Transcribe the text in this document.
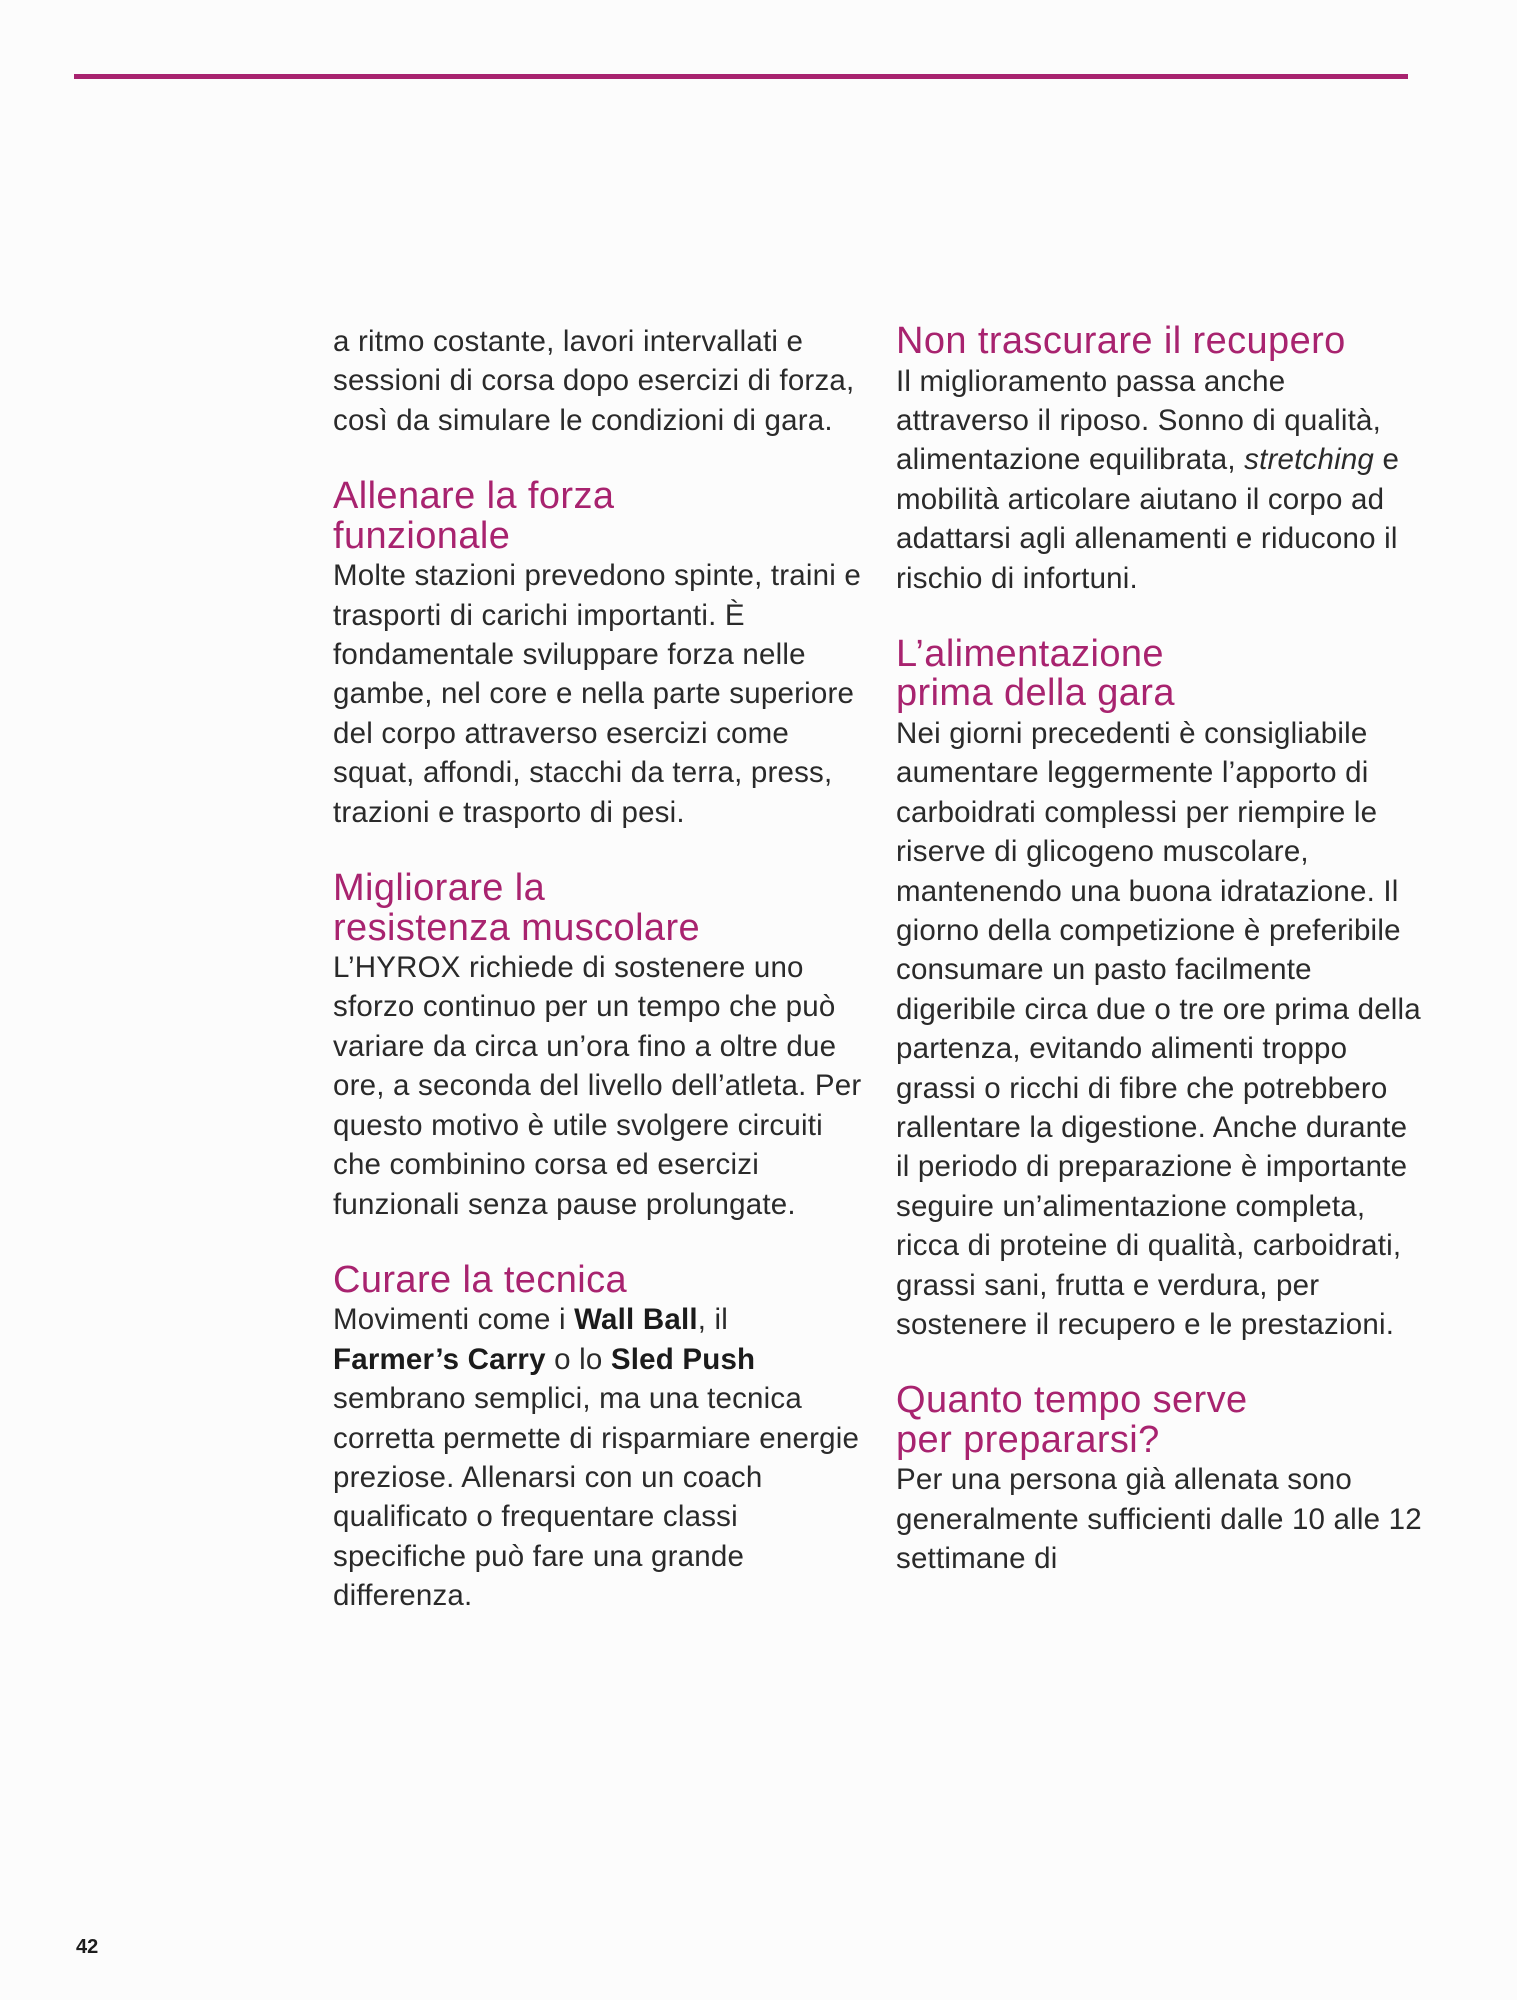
a ritmo costante, lavori intervallati e sessioni di corsa dopo esercizi di forza, così da simulare le condizioni di gara.

Allenare la forza
funzionale

Molte stazioni prevedono spinte, traini e trasporti di carichi importanti. È fondamentale sviluppare forza nelle gambe, nel core e nella parte superiore del corpo attraverso esercizi come squat, affondi, stacchi da terra, press, trazioni e trasporto di pesi.

Migliorare la
resistenza muscolare

L’HYROX richiede di sostenere uno sforzo continuo per un tempo che può variare da circa un’ora fino a oltre due ore, a seconda del livello dell’atleta. Per questo motivo è utile svolgere circuiti che combinino corsa ed esercizi funzionali senza pause prolungate.

Curare la tecnica

Movimenti come i Wall Ball, il
Farmer’s Carry o lo Sled Push sembrano semplici, ma una tecnica corretta permette di risparmiare energie preziose. Allenarsi con un coach qualificato o frequentare classi specifiche può fare una grande differenza.

Non trascurare il recupero

Il miglioramento passa anche attraverso il riposo. Sonno di qualità, alimentazione equilibrata, stretching e mobilità articolare aiutano il corpo ad adattarsi agli allenamenti e riducono il rischio di infortuni.

L’alimentazione
prima della gara

Nei giorni precedenti è consigliabile aumentare leggermente l’apporto di carboidrati complessi per riempire le riserve di glicogeno muscolare, mantenendo una buona idratazione. Il giorno della competizione è preferibile consumare un pasto facilmente digeribile circa due o tre ore prima della partenza, evitando alimenti troppo grassi o ricchi di fibre che potrebbero rallentare la digestione. Anche durante il periodo di preparazione è importante seguire un’alimentazione completa, ricca di proteine di qualità, carboidrati, grassi sani, frutta e verdura, per sostenere il recupero e le prestazioni.

Quanto tempo serve
per prepararsi?

Per una persona già allenata sono generalmente sufficienti dalle 10 alle 12 settimane di

42
